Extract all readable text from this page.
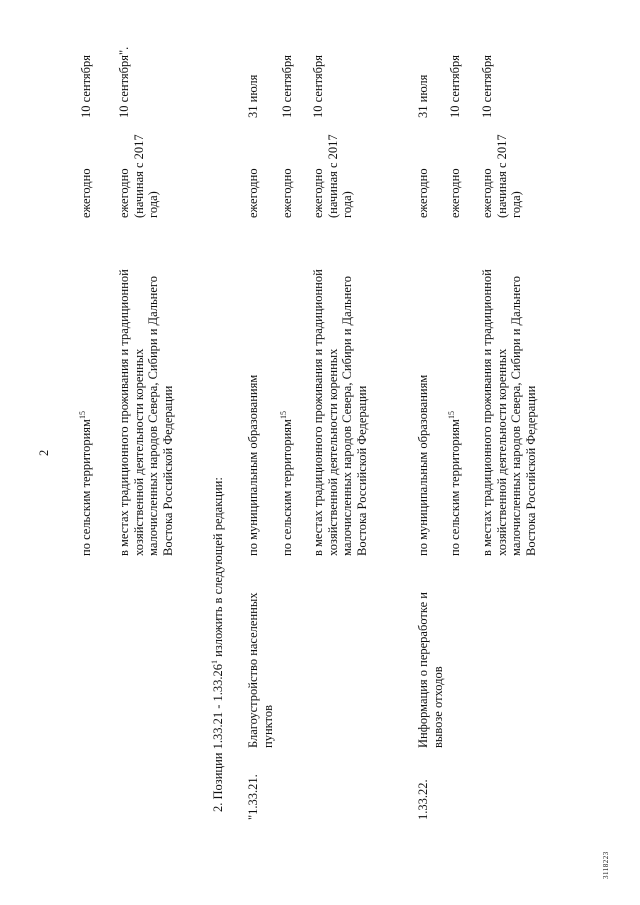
2 по сельским территориям$^{15}$
ежегодно
10 сентября
в местах традиционного проживания и традиционной хозяйственной деятельности коренных малочисленных народов Севера, Сибири и Дальнего Востока Российской Федерации
ежегодно (начиная с 2017 года)
10 сентября".
2. Позиции 1.33.21 - 1.33.26$^1$ изложить в следующей редакции:
"1.33.21.
Благоустройство населенных пунктов
по муниципальным образованиям
ежегодно
31 июля
по сельским территориям$^{15}$
ежегодно
10 сентября
в местах традиционного проживания и традиционной хозяйственной деятельности коренных малочисленных народов Севера, Сибири и Дальнего Востока Российской Федерации
ежегодно (начиная с 2017 года)
10 сентября
1.33.22.
Информация о переработке и вывозе отходов
по муниципальным образованиям
ежегодно
31 июля
по сельским территориям$^{15}$
ежегодно
10 сентября
в местах традиционного проживания и традиционной хозяйственной деятельности коренных малочисленных народов Севера, Сибири и Дальнего Востока Российской Федерации
ежегодно (начиная с 2017 года)
10 сентября
3118223
